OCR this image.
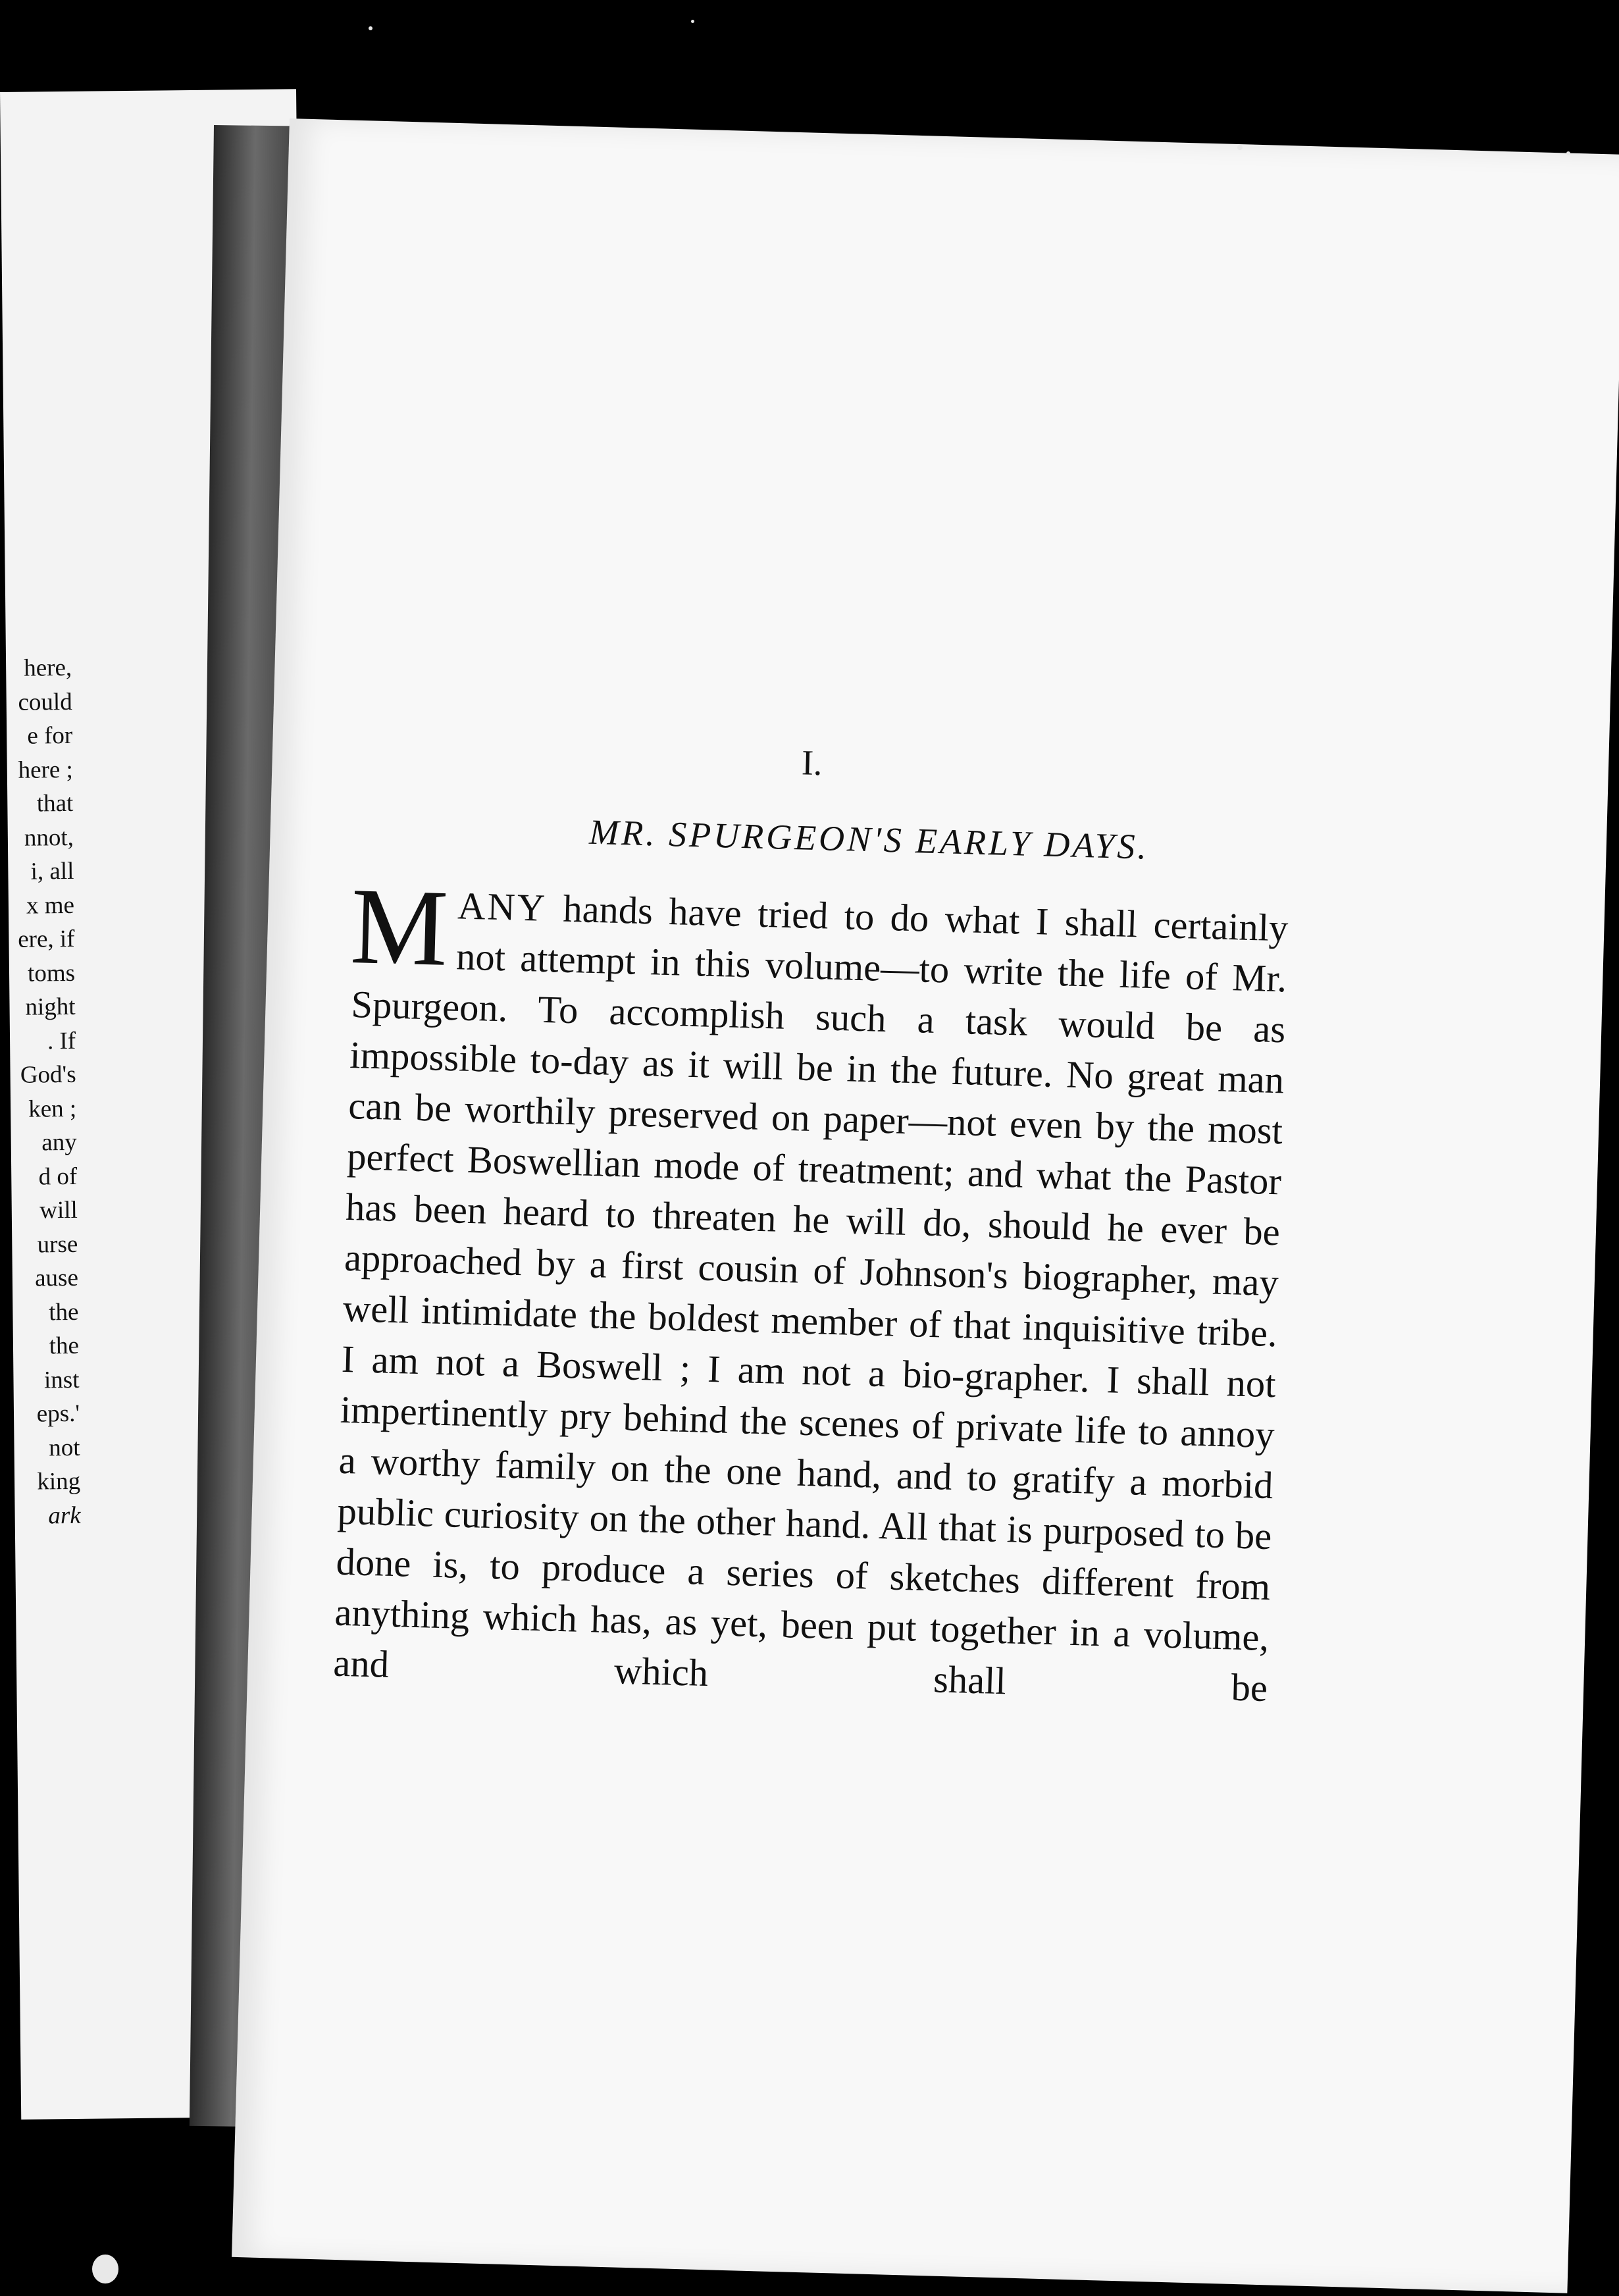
here,
could
e for
here ;
that
nnot,
i, all
x me
ere, if
toms
night
. If
God's
ken ;
any
d of
will
urse
ause
the
the
inst
eps.'
not
king
ark
I.
MR. SPURGEON'S EARLY DAYS.
M ANY hands have tried to do what I shall certainly not attempt in this volume—to write the life of Mr. Spurgeon. To accomplish such a task would be as impossible to-day as it will be in the future. No great man can be worthily preserved on paper—not even by the most perfect Boswellian mode of treatment; and what the Pastor has been heard to threaten he will do, should he ever be approached by a first cousin of Johnson's biographer, may well intimidate the boldest member of that inquisitive tribe. I am not a Boswell ; I am not a bio-grapher. I shall not impertinently pry behind the scenes of private life to annoy a worthy family on the one hand, and to gratify a morbid public curiosity on the other hand. All that is purposed to be done is, to produce a series of sketches different from anything which has, as yet, been put together in a volume, and which shall be
